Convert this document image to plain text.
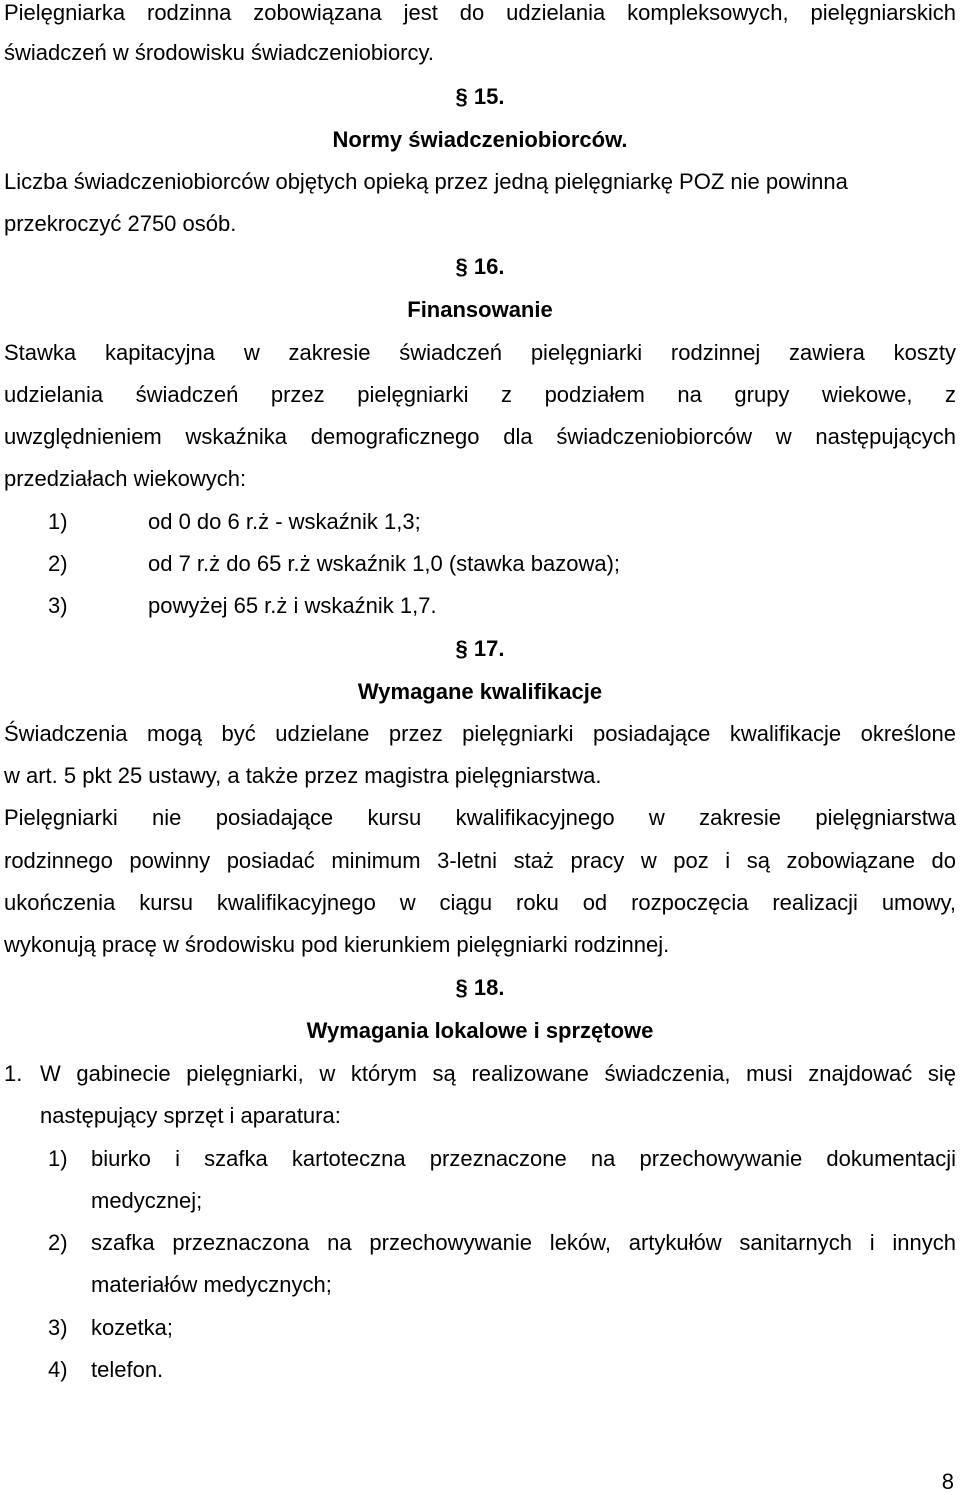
Pielęgniarka rodzinna zobowiązana jest do udzielania kompleksowych, pielęgniarskich
świadczeń w środowisku świadczeniobiorcy.
§ 15.
Normy świadczeniobiorców.
Liczba świadczeniobiorców objętych opieką przez jedną pielęgniarkę POZ nie powinna
przekroczyć 2750 osób.
§ 16.
Finansowanie
Stawka kapitacyjna w zakresie świadczeń pielęgniarki rodzinnej zawiera koszty
udzielania świadczeń przez pielęgniarki z podziałem na grupy wiekowe, z
uwzględnieniem wskaźnika demograficznego dla świadczeniobiorców w następujących
przedziałach wiekowych:
1)	od 0 do 6 r.ż - wskaźnik 1,3;
2)	od 7 r.ż do 65 r.ż wskaźnik 1,0 (stawka bazowa);
3)	powyżej 65 r.ż i wskaźnik 1,7.
§ 17.
Wymagane kwalifikacje
Świadczenia mogą być udzielane przez pielęgniarki posiadające kwalifikacje określone
w art. 5 pkt 25 ustawy, a także przez magistra pielęgniarstwa.
Pielęgniarki nie posiadające kursu kwalifikacyjnego w zakresie pielęgniarstwa
rodzinnego powinny posiadać minimum 3-letni staż pracy w poz i są zobowiązane do
ukończenia kursu kwalifikacyjnego w ciągu roku od rozpoczęcia realizacji umowy,
wykonują pracę w środowisku pod kierunkiem pielęgniarki rodzinnej.
§ 18.
Wymagania lokalowe i sprzętowe
1. W gabinecie pielęgniarki, w którym są realizowane świadczenia, musi znajdować się
następujący sprzęt i aparatura:
1) biurko i szafka kartoteczna przeznaczone na przechowywanie dokumentacji
medycznej;
2) szafka przeznaczona na przechowywanie leków, artykułów sanitarnych i innych
materiałów medycznych;
3) kozetka;
4) telefon.
8
